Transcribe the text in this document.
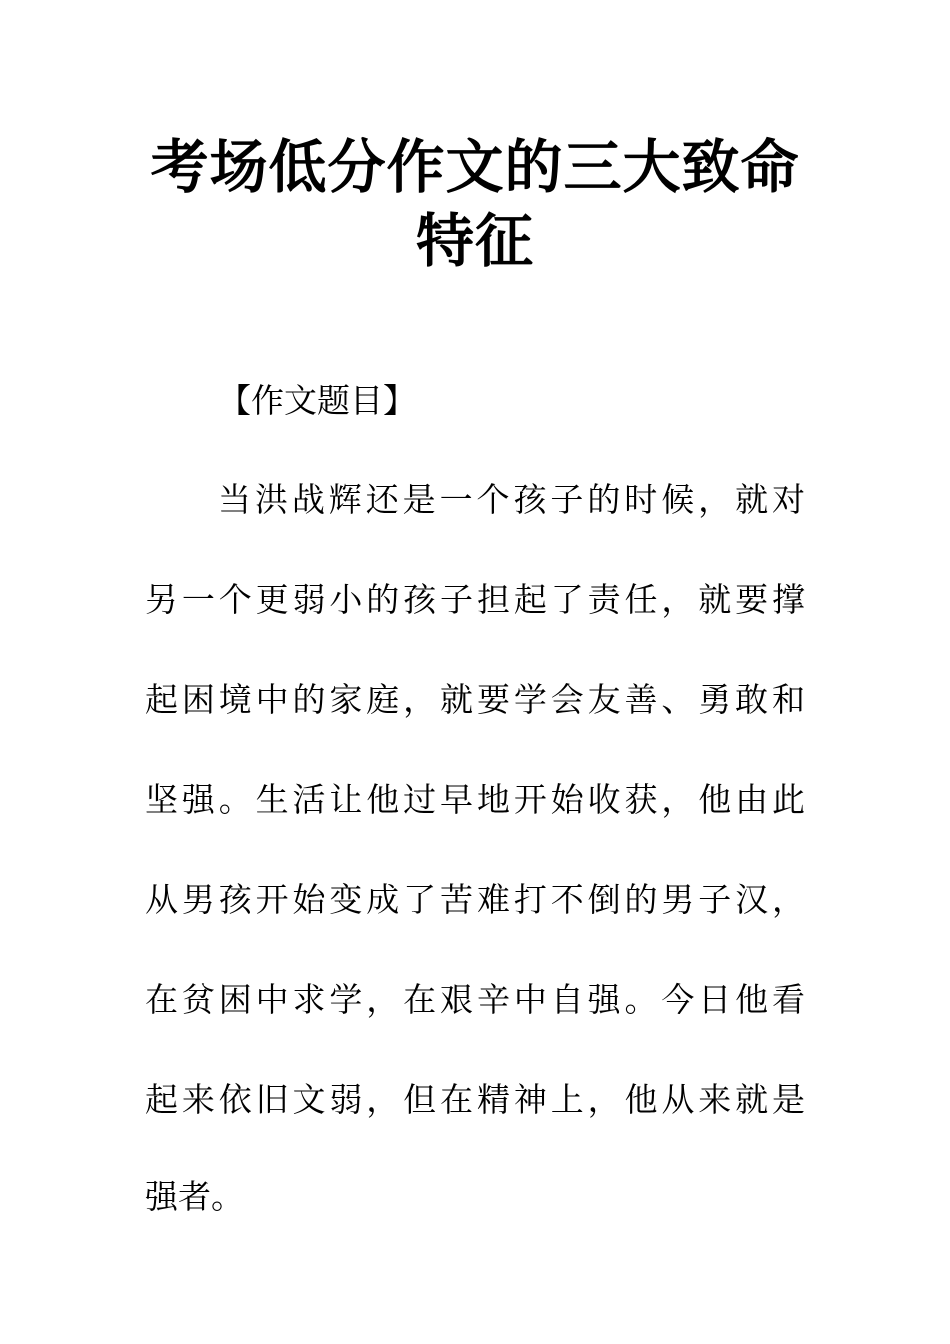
考场低分作文的三大致命特征

【作文题目】

当洪战辉还是一个孩子的时候，就对
另一个更弱小的孩子担起了责任，就要撑
起困境中的家庭，就要学会友善、勇敢和
坚强。生活让他过早地开始收获，他由此
从男孩开始变成了苦难打不倒的男子汉，
在贫困中求学，在艰辛中自强。今日他看
起来依旧文弱，但在精神上，他从来就是
强者。
